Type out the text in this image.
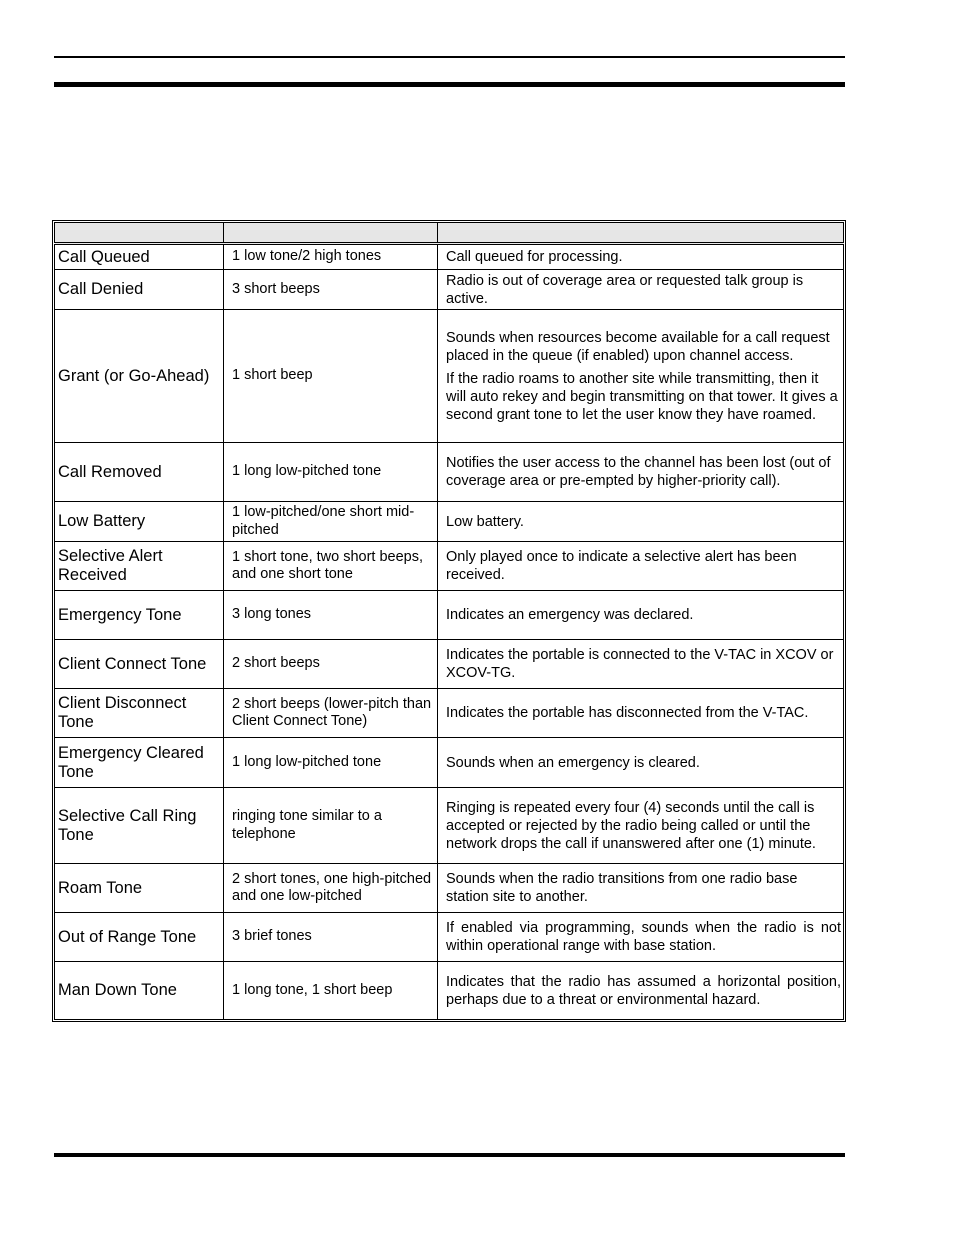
Call Queued	1 low tone/2 high tones	Call queued for processing.

Call Denied	3 short beeps	Radio is out of coverage area or requested talk group is active.

Grant (or Go-Ahead)	1 short beep	Sounds when resources become available for a call request placed in the queue (if enabled) upon channel access.

If the radio roams to another site while transmitting, then it will auto rekey and begin transmitting on that tower. It gives a second grant tone to let the user know they have roamed.

Call Removed	1 long low-pitched tone	Notifies the user access to the channel has been lost (out of coverage area or pre-empted by higher-priority call).

Low Battery	1 low-pitched/one short mid-pitched	Low battery.

Selective Alert Received	1 short tone, two short beeps, and one short tone	Only played once to indicate a selective alert has been received.

Emergency Tone	3 long tones	Indicates an emergency was declared.

Client Connect Tone	2 short beeps	Indicates the portable is connected to the V-TAC in XCOV or XCOV-TG.

Client Disconnect Tone	2 short beeps (lower-pitch than Client Connect Tone)	Indicates the portable has disconnected from the V-TAC.

Emergency Cleared Tone	1 long low-pitched tone	Sounds when an emergency is cleared.

Selective Call Ring Tone	ringing tone similar to a telephone	Ringing is repeated every four (4) seconds until the call is accepted or rejected by the radio being called or until the network drops the call if unanswered after one (1) minute.

Roam Tone	2 short tones, one high-pitched and one low-pitched	Sounds when the radio transitions from one radio base station site to another.

Out of Range Tone	3 brief tones	If enabled via programming, sounds when the radio is not within operational range with base station.

Man Down Tone	1 long tone, 1 short beep	Indicates that the radio has assumed a horizontal position, perhaps due to a threat or environmental hazard.
